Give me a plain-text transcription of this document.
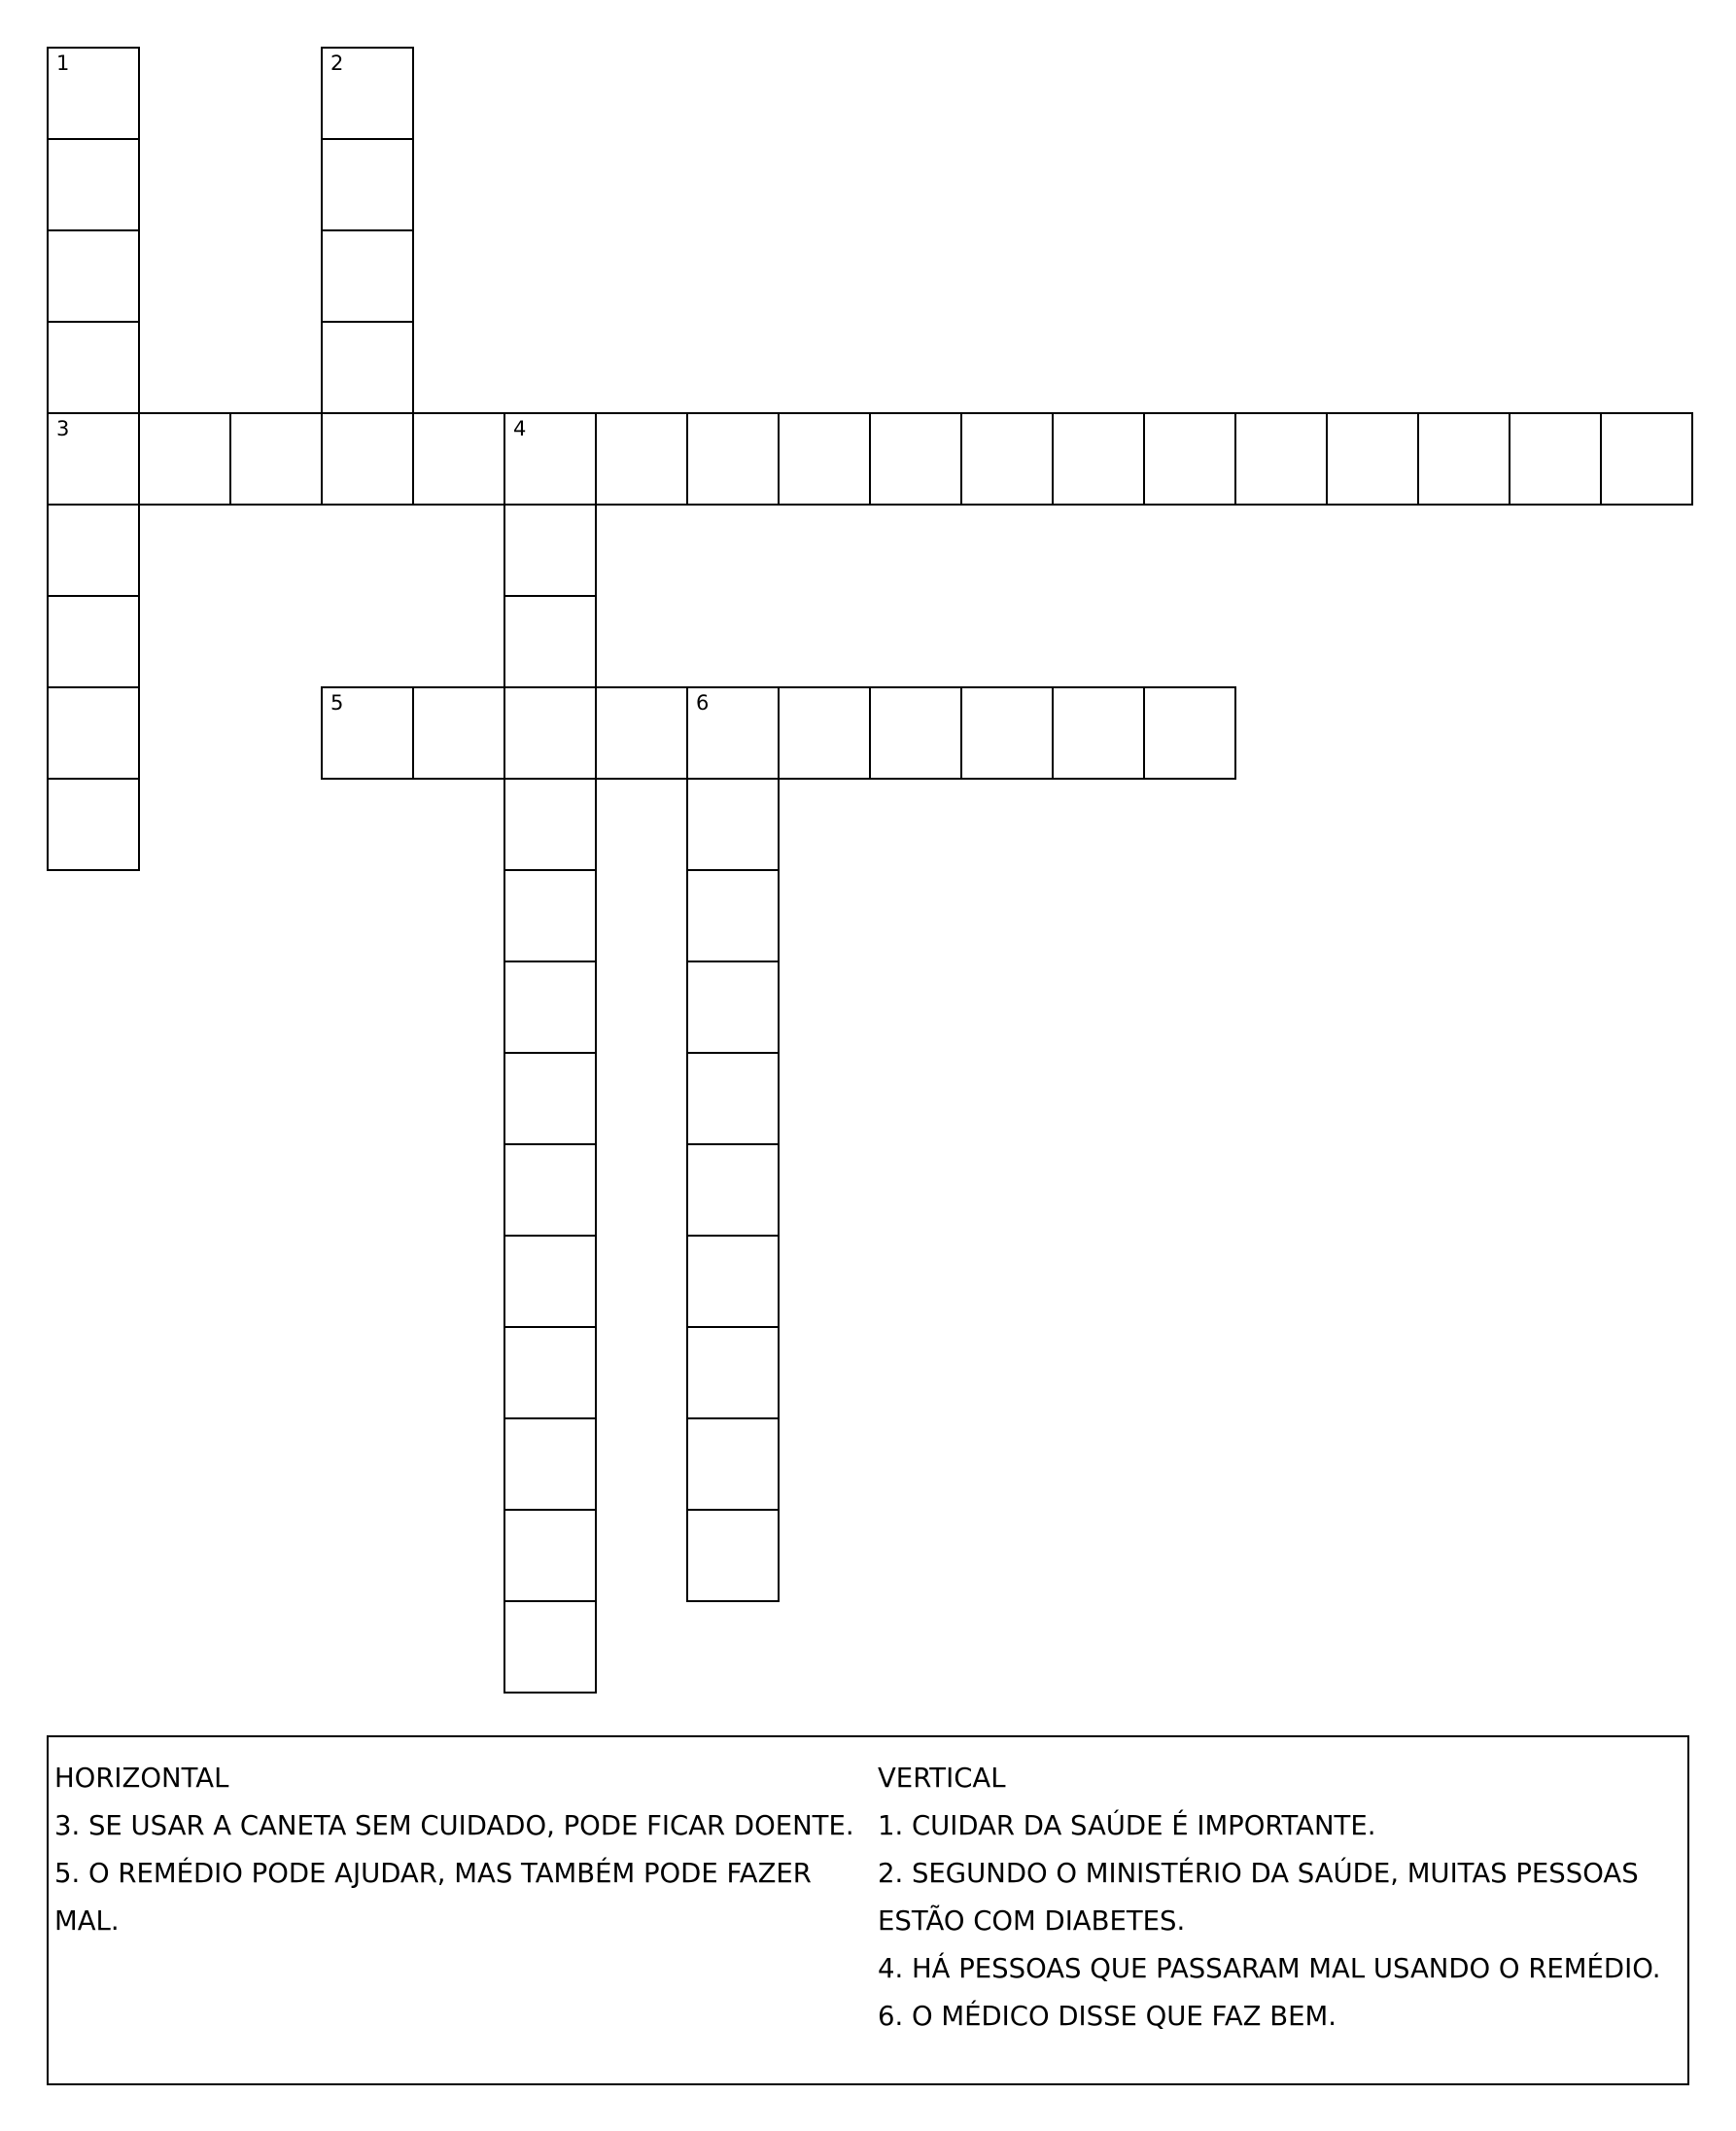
1
3
2
4
5	6
HORIZONTAL
3. SE USAR A CANETA SEM CUIDADO, PODE FICAR DOENTE.
5. O REMÉDIO PODE AJUDAR, MAS TAMBÉM PODE FAZER
MAL.
VERTICAL
1. CUIDAR DA SAÚDE É IMPORTANTE.
2. SEGUNDO O MINISTÉRIO DA SAÚDE, MUITAS PESSOAS
ESTÃO COM DIABETES.
4. HÁ PESSOAS QUE PASSARAM MAL USANDO O REMÉDIO.
6. O MÉDICO DISSE QUE FAZ BEM.
